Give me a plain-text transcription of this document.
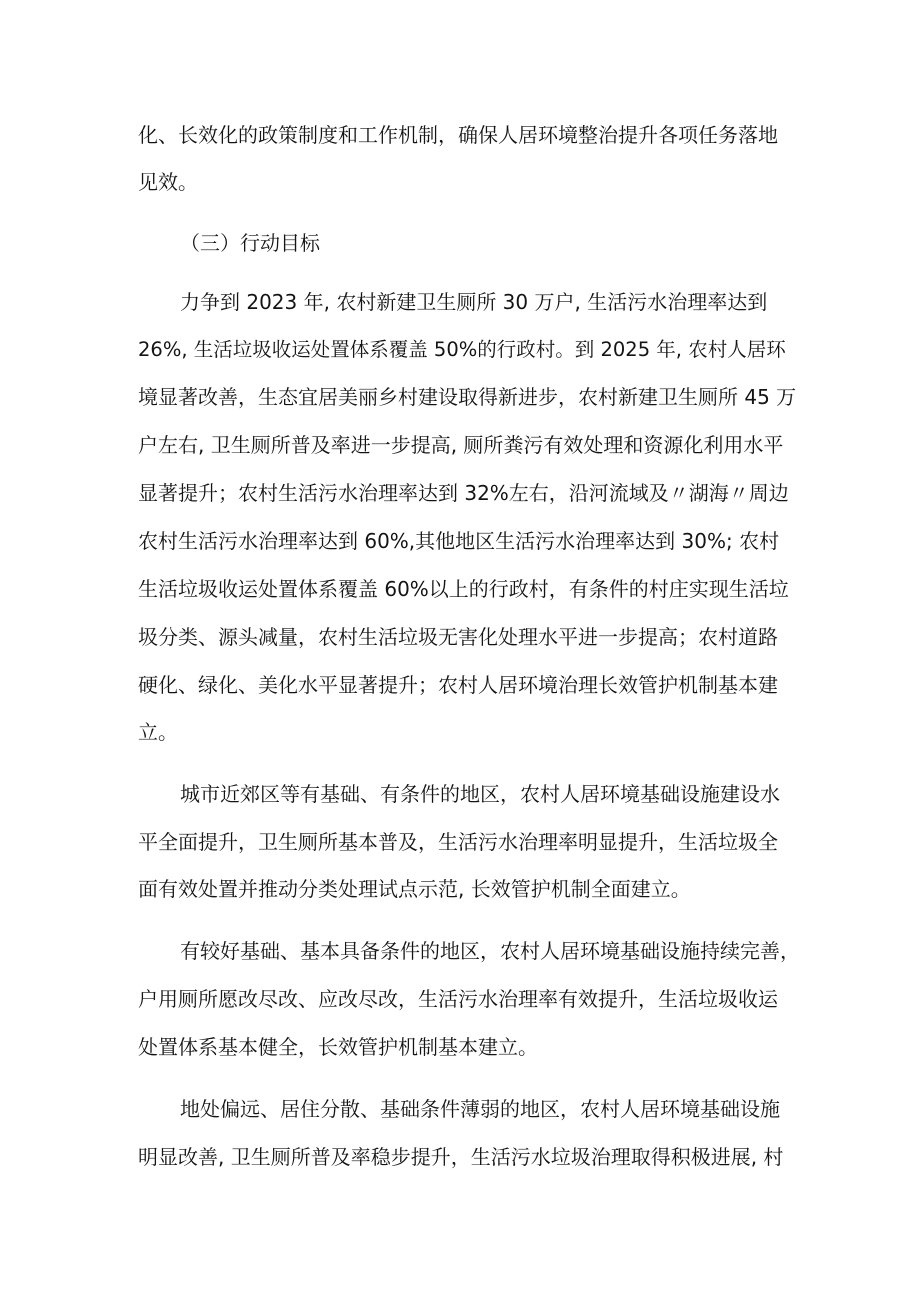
化、长效化的政策制度和工作机制，确保人居环境整治提升各项任务落地
见效。
（三）行动目标
力争到 2023 年, 农村新建卫生厕所 30 万户, 生活污水治理率达到
26%, 生活垃圾收运处置体系覆盖 50%的行政村。到 2025 年, 农村人居环
境显著改善，生态宜居美丽乡村建设取得新进步，农村新建卫生厕所 45 万
户左右, 卫生厕所普及率进一步提高, 厕所粪污有效处理和资源化利用水平
显著提升；农村生活污水治理率达到 32%左右，沿河流域及〃湖海〃周边
农村生活污水治理率达到 60%,其他地区生活污水治理率达到 30%; 农村
生活垃圾收运处置体系覆盖 60%以上的行政村，有条件的村庄实现生活垃
圾分类、源头减量，农村生活垃圾无害化处理水平进一步提高；农村道路
硬化、绿化、美化水平显著提升；农村人居环境治理长效管护机制基本建
立。
城市近郊区等有基础、有条件的地区，农村人居环境基础设施建设水
平全面提升，卫生厕所基本普及，生活污水治理率明显提升，生活垃圾全
面有效处置并推动分类处理试点示范, 长效管护机制全面建立。
有较好基础、基本具备条件的地区，农村人居环境基础设施持续完善，
户用厕所愿改尽改、应改尽改，生活污水治理率有效提升，生活垃圾收运
处置体系基本健全，长效管护机制基本建立。
地处偏远、居住分散、基础条件薄弱的地区，农村人居环境基础设施
明显改善, 卫生厕所普及率稳步提升，生活污水垃圾治理取得积极进展, 村
